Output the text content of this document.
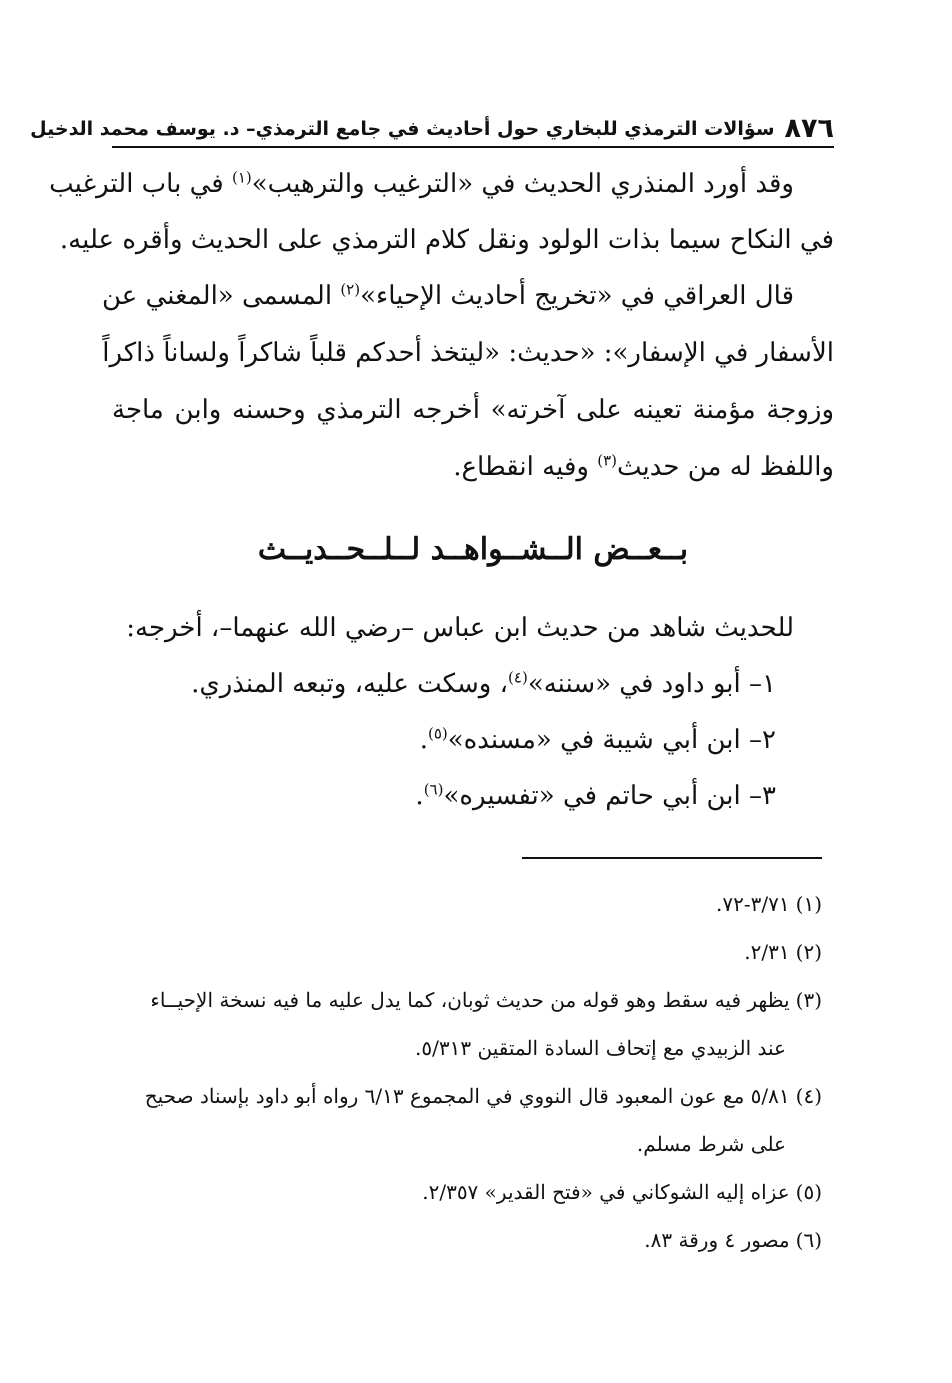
٨٧٦
سؤالات الترمذي للبخاري حول أحاديث في جامع الترمذي– د. يوسف محمد الدخيل
وقد أورد المنذري الحديث في «الترغيب والترهيب»$^{(١)}$ في باب الترغيب
في النكاح سيما بذات الولود ونقل كلام الترمذي على الحديث وأقره عليه.
قال العراقي في «تخريج أحاديث الإحياء»$^{(٢)}$ المسمى «المغني عن
الأسفار في الإسفار»: «حديث: «ليتخذ أحدكم قلباً شاكراً ولساناً ذاكراً
وزوجة مؤمنة تعينه على آخرته» أخرجه الترمذي وحسنه وابن ماجة
واللفظ له من حديث$^{(٣)}$ وفيه انقطاع.
بــعــض الــشــواهــد لــلــحــديــث
للحديث شاهد من حديث ابن عباس –رضي الله عنهما–، أخرجه:
١– أبو داود في «سننه»$^{(٤)}$، وسكت عليه، وتبعه المنذري.
٢– ابن أبي شيبة في «مسنده»$^{(٥)}$.
٣– ابن أبي حاتم في «تفسيره»$^{(٦)}$.
(١)٣/٧١-٧٢.
(٢)٢/٣١.
(٣)يظهر فيه سقط وهو قوله من حديث ثوبان، كما يدل عليه ما فيه نسخة الإحيــاء
عند الزبيدي مع إتحاف السادة المتقين ٥/٣١٣.
(٤)٥/٨١ مع عون المعبود قال النووي في المجموع ٦/١٣ رواه أبو داود بإسناد صحيح
على شرط مسلم.
(٥)عزاه إليه الشوكاني في «فتح القدير» ٢/٣٥٧.
(٦)مصور ٤ ورقة ٨٣.
